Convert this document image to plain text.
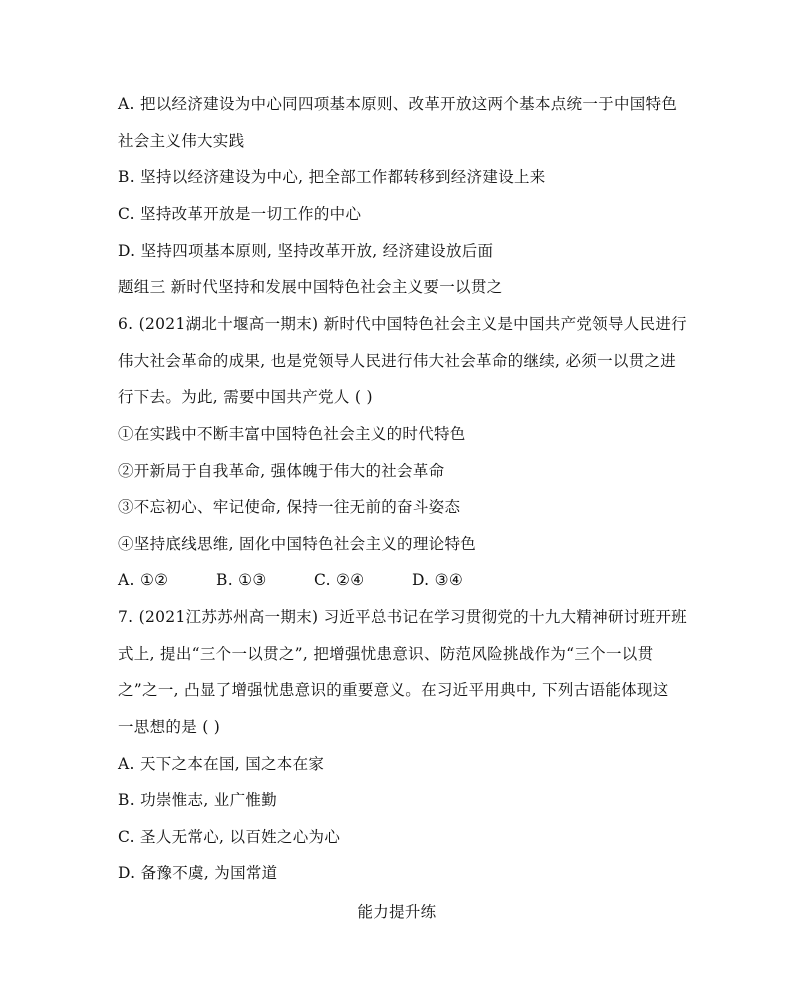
A. 把以经济建设为中心同四项基本原则、改革开放这两个基本点统一于中国特色
社会主义伟大实践
B. 坚持以经济建设为中心, 把全部工作都转移到经济建设上来
C. 坚持改革开放是一切工作的中心
D. 坚持四项基本原则, 坚持改革开放, 经济建设放后面
题组三 新时代坚持和发展中国特色社会主义要一以贯之
6. (2021湖北十堰高一期末) 新时代中国特色社会主义是中国共产党领导人民进行
伟大社会革命的成果, 也是党领导人民进行伟大社会革命的继续, 必须一以贯之进
行下去。为此, 需要中国共产党人 ( )
①在实践中不断丰富中国特色社会主义的时代特色
②开新局于自我革命, 强体魄于伟大的社会革命
③不忘初心、牢记使命, 保持一往无前的奋斗姿态
④坚持底线思维, 固化中国特色社会主义的理论特色
A. ①②	B. ①③	C. ②④	D. ③④
7. (2021江苏苏州高一期末) 习近平总书记在学习贯彻党的十九大精神研讨班开班
式上, 提出“三个一以贯之”, 把增强忧患意识、防范风险挑战作为“三个一以贯
之”之一, 凸显了增强忧患意识的重要意义。在习近平用典中, 下列古语能体现这
一思想的是 ( )
A. 天下之本在国, 国之本在家
B. 功崇惟志, 业广惟勤
C. 圣人无常心, 以百姓之心为心
D. 备豫不虞, 为国常道
能力提升练
